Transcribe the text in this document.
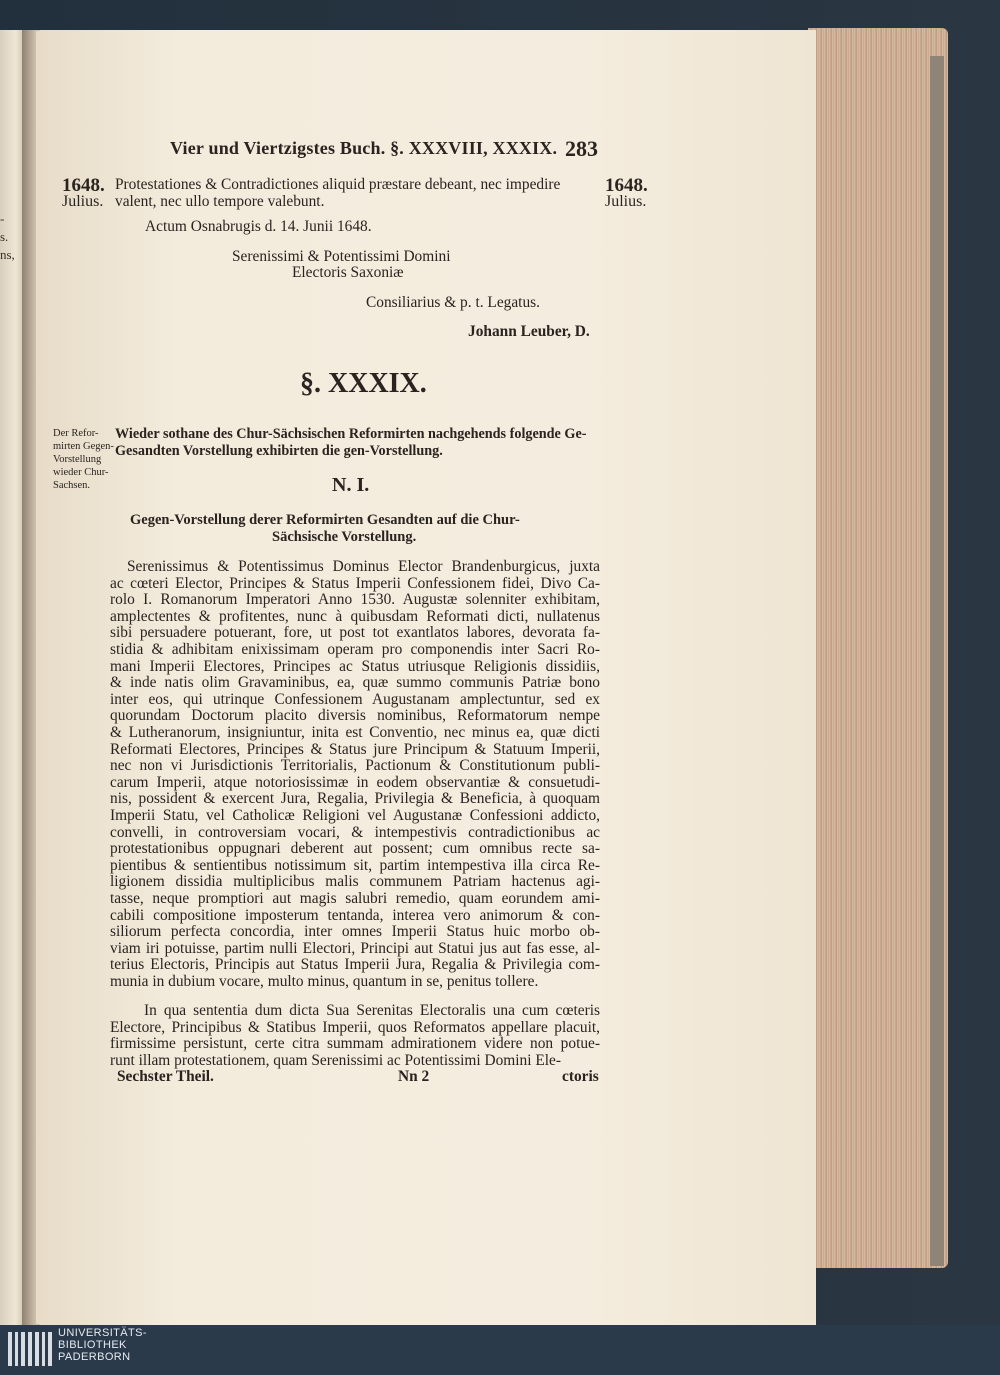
-
s.
ns,
Vier und Viertzigstes Buch. §. XXXVIII, XXXIX. 283
1648.
Julius.
1648.
Julius.
Protestationes & Contradictiones aliquid præstare debeant, nec impedire
valent, nec ullo tempore valebunt.
Actum Osnabrugis d. 14. Junii 1648.
Serenissimi & Potentissimi Domini
Electoris Saxoniæ
Consiliarius & p. t. Legatus.
Johann Leuber, D.
§. XXXIX.
Der Refor-
mirten Gegen-
Vorstellung
wieder Chur-
Sachsen.
Wieder sothane des Chur-Sächsischen Reformirten nachgehends folgende Ge-
Gesandten Vorstellung exhibirten die gen-Vorstellung.
N. I.
Gegen-Vorstellung derer Reformirten Gesandten auf die Chur-
Sächsische Vorstellung.
Serenissimus & Potentissimus Dominus Elector Brandenburgicus, juxta
ac cœteri Elector, Principes & Status Imperii Confessionem fidei, Divo Ca-
rolo I. Romanorum Imperatori Anno 1530. Augustæ solenniter exhibitam,
amplectentes & profitentes, nunc à quibusdam Reformati dicti, nullatenus
sibi persuadere potuerant, fore, ut post tot exantlatos labores, devorata fa-
stidia & adhibitam enixissimam operam pro componendis inter Sacri Ro-
mani Imperii Electores, Principes ac Status utriusque Religionis dissidiis,
& inde natis olim Gravaminibus, ea, quæ summo communis Patriæ bono
inter eos, qui utrinque Confessionem Augustanam amplectuntur, sed ex
quorundam Doctorum placito diversis nominibus, Reformatorum nempe
& Lutheranorum, insigniuntur, inita est Conventio, nec minus ea, quæ dicti
Reformati Electores, Principes & Status jure Principum & Statuum Imperii,
nec non vi Jurisdictionis Territorialis, Pactionum & Constitutionum publi-
carum Imperii, atque notoriosissimæ in eodem observantiæ & consuetudi-
nis, possident & exercent Jura, Regalia, Privilegia & Beneficia, à quoquam
Imperii Statu, vel Catholicæ Religioni vel Augustanæ Confessioni addicto,
convelli, in controversiam vocari, & intempestivis contradictionibus ac
protestationibus oppugnari deberent aut possent; cum omnibus recte sa-
pientibus & sentientibus notissimum sit, partim intempestiva illa circa Re-
ligionem dissidia multiplicibus malis communem Patriam hactenus agi-
tasse, neque promptiori aut magis salubri remedio, quam eorundem ami-
cabili compositione imposterum tentanda, interea vero animorum & con-
siliorum perfecta concordia, inter omnes Imperii Status huic morbo ob-
viam iri potuisse, partim nulli Electori, Principi aut Statui jus aut fas esse, al-
terius Electoris, Principis aut Status Imperii Jura, Regalia & Privilegia com-
munia in dubium vocare, multo minus, quantum in se, penitus tollere.
In qua sententia dum dicta Sua Serenitas Electoralis una cum cœteris
Electore, Principibus & Statibus Imperii, quos Reformatos appellare placuit,
firmissime persistunt, certe citra summam admirationem videre non potue-
runt illam protestationem, quam Serenissimi ac Potentissimi Domini Ele-
Sechster Theil.	Nn 2	ctoris
UNIVERSITÄTS-
BIBLIOTHEK
PADERBORN
